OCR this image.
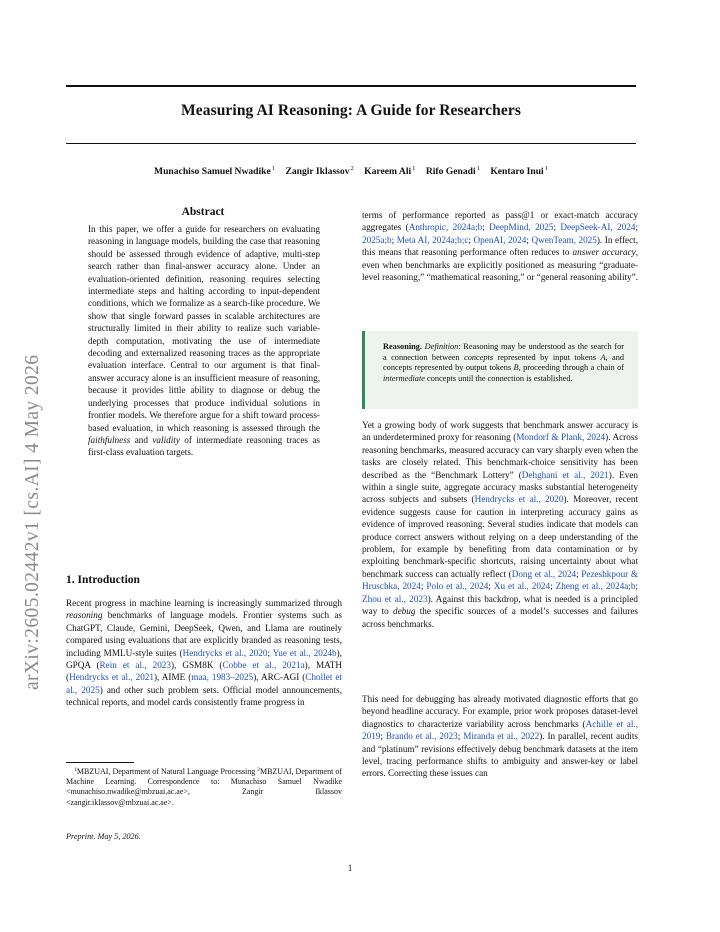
Measuring AI Reasoning: A Guide for Researchers
Munachiso Samuel Nwadike$^1$ Zangir Iklassov$^2$ Kareem Ali$^1$ Rifo Genadi$^1$ Kentaro Inui$^1$
arXiv:2605.02442v1 [cs.AI] 4 May 2026
Abstract
In this paper, we offer a guide for researchers on evaluating reasoning in language models, building the case that reasoning should be assessed through evidence of adaptive, multi-step search rather than final-answer accuracy alone. Under an evaluation-oriented definition, reasoning requires selecting intermediate steps and halting according to input-dependent conditions, which we formalize as a search-like procedure. We show that single forward passes in scalable architectures are structurally limited in their ability to realize such variable-depth computation, motivating the use of intermediate decoding and externalized reasoning traces as the appropriate evaluation interface. Central to our argument is that final-answer accuracy alone is an insufficient measure of reasoning, because it provides little ability to diagnose or debug the underlying processes that produce individual solutions in frontier models. We therefore argue for a shift toward process-based evaluation, in which reasoning is assessed through the faithfulness and validity of intermediate reasoning traces as first-class evaluation targets.
1. Introduction
Recent progress in machine learning is increasingly summarized through reasoning benchmarks of language models. Frontier systems such as ChatGPT, Claude, Gemini, DeepSeek, Qwen, and Llama are routinely compared using evaluations that are explicitly branded as reasoning tests, including MMLU-style suites (Hendrycks et al., 2020; Yue et al., 2024b), GPQA (Rein et al., 2023), GSM8K (Cobbe et al., 2021a), MATH (Hendrycks et al., 2021), AIME (maa, 1983–2025), ARC-AGI (Chollet et al., 2025) and other such problem sets. Official model announcements, technical reports, and model cards consistently frame progress in
$^1$MBZUAI, Department of Natural Language Processing $^2$MBZUAI, Department of Machine Learning. Correspondence to: Munachiso Samuel Nwadike <munachiso.nwadike@mbzuai.ac.ae>, Zangir Iklassov <zangir.iklassov@mbzuai.ac.ae>.
Preprint. May 5, 2026.
terms of performance reported as pass@1 or exact-match accuracy aggregates (Anthropic, 2024a;b; DeepMind, 2025; DeepSeek-AI, 2024; 2025a;b; Meta AI, 2024a;b;c; OpenAI, 2024; QwenTeam, 2025). In effect, this means that reasoning performance often reduces to answer accuracy, even when benchmarks are explicitly positioned as measuring “graduate-level reasoning,” “mathematical reasoning,” or “general reasoning ability”.
Reasoning. Definition: Reasoning may be understood as the search for a connection between concepts represented by input tokens A, and concepts represented by output tokens B, proceeding through a chain of intermediate concepts until the connection is established.
Yet a growing body of work suggests that benchmark answer accuracy is an underdetermined proxy for reasoning (Mondorf & Plank, 2024). Across reasoning benchmarks, measured accuracy can vary sharply even when the tasks are closely related. This benchmark-choice sensitivity has been described as the “Benchmark Lottery” (Dehghani et al., 2021). Even within a single suite, aggregate accuracy masks substantial heterogeneity across subjects and subsets (Hendrycks et al., 2020). Moreover, recent evidence suggests cause for caution in interpreting accuracy gains as evidence of improved reasoning. Several studies indicate that models can produce correct answers without relying on a deep understanding of the problem, for example by benefiting from data contamination or by exploiting benchmark-specific shortcuts, raising uncertainty about what benchmark success can actually reflect (Dong et al., 2024; Pezeshkpour & Hruschka, 2024; Polo et al., 2024; Xu et al., 2024; Zheng et al., 2024a;b; Zhou et al., 2023). Against this backdrop, what is needed is a principled way to debug the specific sources of a model’s successes and failures across benchmarks.
This need for debugging has already motivated diagnostic efforts that go beyond headline accuracy. For example, prior work proposes dataset-level diagnostics to characterize variability across benchmarks (Achille et al., 2019; Brando et al., 2023; Miranda et al., 2022). In parallel, recent audits and “platinum” revisions effectively debug benchmark datasets at the item level, tracing performance shifts to ambiguity and answer-key or label errors. Correcting these issues can
1
